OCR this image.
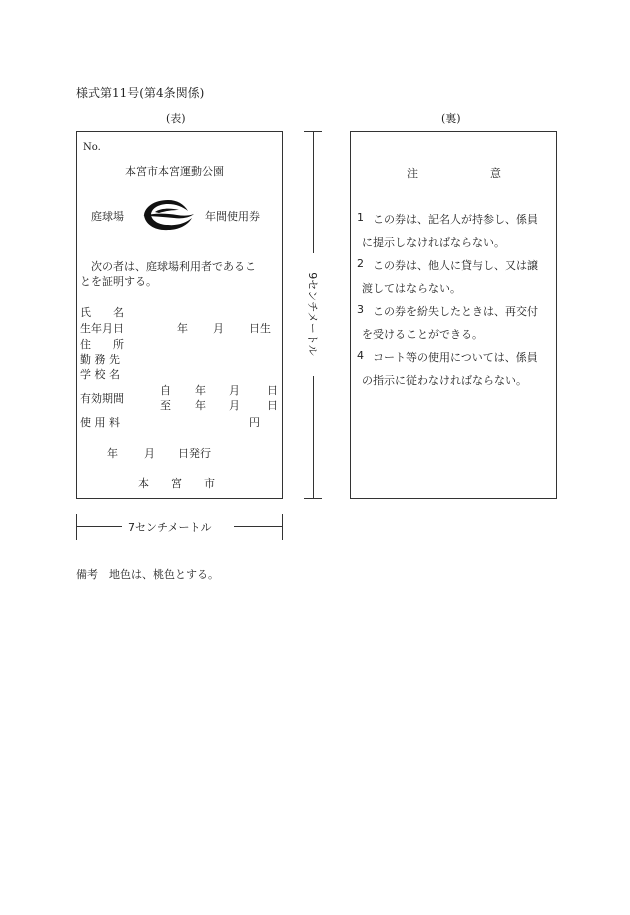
様式第11号(第4条関係)
(表)	(裏)
No.
本宮市本宮運動公園
庭球場	年間使用券
次の者は、庭球場利用者であるこ
とを証明する。
氏　　名
生年月日	年 月 日生
住　　所
勤 務 先
学 校 名
有効期間
自 年 月 日
至 年 月 日
使 用 料	円
年 月 日発行
本　　宮　　市
9センチメートル
注	意
1 この券は、記名人が持参し、係員
に提示しなければならない。
2 この券は、他人に貸与し、又は譲
渡してはならない。
3 この券を紛失したときは、再交付
を受けることができる。
4 コート等の使用については、係員
の指示に従わなければならない。
7センチメートル
備考　地色は、桃色とする。
